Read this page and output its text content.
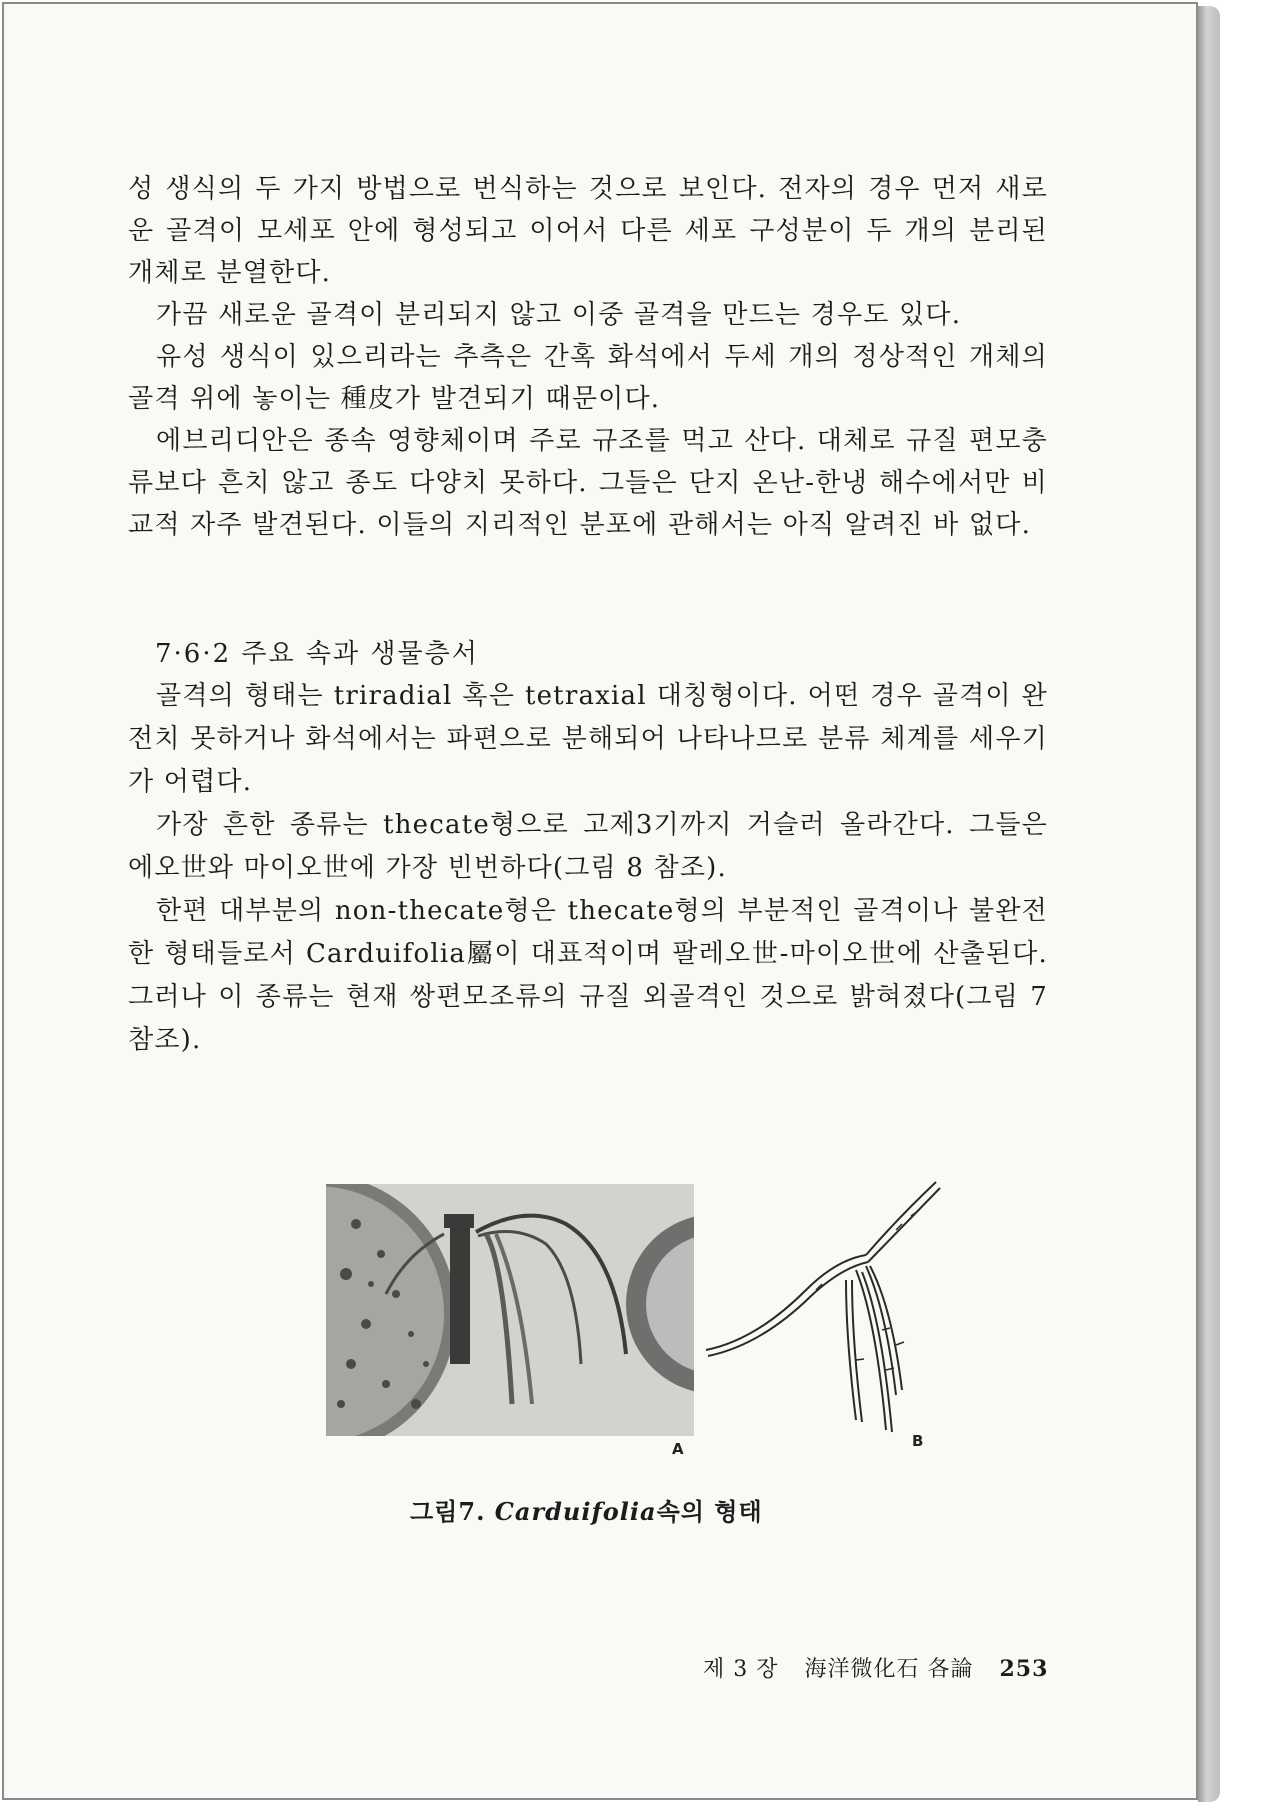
성 생식의 두 가지 방법으로 번식하는 것으로 보인다. 전자의 경우 먼저 새로운 골격이 모세포 안에 형성되고 이어서 다른 세포 구성분이 두 개의 분리된 개체로 분열한다.

가끔 새로운 골격이 분리되지 않고 이중 골격을 만드는 경우도 있다.

유성 생식이 있으리라는 추측은 간혹 화석에서 두세 개의 정상적인 개체의 골격 위에 놓이는 種皮가 발견되기 때문이다.

에브리디안은 종속 영향체이며 주로 규조를 먹고 산다. 대체로 규질 편모충류보다 흔치 않고 종도 다양치 못하다. 그들은 단지 온난-한냉 해수에서만 비교적 자주 발견된다. 이들의 지리적인 분포에 관해서는 아직 알려진 바 없다.

7·6·2 주요 속과 생물층서

골격의 형태는 triradial 혹은 tetraxial 대칭형이다. 어떤 경우 골격이 완전치 못하거나 화석에서는 파편으로 분해되어 나타나므로 분류 체계를 세우기가 어렵다.

가장 흔한 종류는 thecate형으로 고제3기까지 거슬러 올라간다. 그들은 에오世와 마이오世에 가장 빈번하다(그림 8 참조).

한편 대부분의 non-thecate형은 thecate형의 부분적인 골격이나 불완전한 형태들로서 Carduifolia屬이 대표적이며 팔레오世-마이오世에 산출된다. 그러나 이 종류는 현재 쌍편모조류의 규질 외골격인 것으로 밝혀졌다(그림 7 참조).

A	B
그림7. Carduifolia속의 형태
제 3 장 海洋微化石 各論 253
